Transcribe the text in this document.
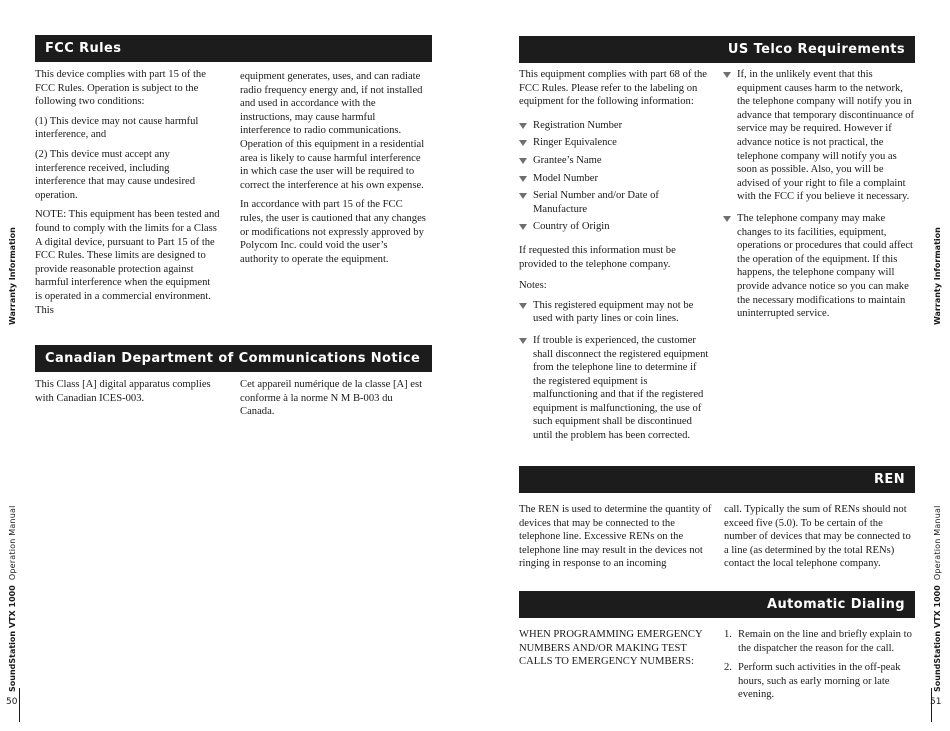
FCC Rules

This device complies with part 15 of the FCC Rules. Operation is subject to the following two conditions:

(1) This device may not cause harmful interference, and

(2) This device must accept any interference received, including interference that may cause undesired operation.

NOTE: This equipment has been tested and found to comply with the limits for a Class A digital device, pursuant to Part 15 of the FCC Rules. These limits are designed to provide reasonable protection against harmful interference when the equipment is operated in a commercial environment. This

equipment generates, uses, and can radiate radio frequency energy and, if not installed and used in accordance with the instructions, may cause harmful interference to radio communications. Operation of this equipment in a residential area is likely to cause harmful interference in which case the user will be required to correct the interference at his own expense.

In accordance with part 15 of the FCC rules, the user is cautioned that any changes or modifications not expressly approved by Polycom Inc. could void the user’s authority to operate the equipment.

Canadian Department of Communications Notice

This Class [A] digital apparatus complies with Canadian ICES-003.

Cet appareil numérique de la classe [A] est conforme à la norme N M B-003 du Canada.

Warranty Information
SoundStation VTX 1000  Operation Manual
50
US Telco Requirements

This equipment complies with part 68 of the FCC Rules. Please refer to the labeling on equipment for the following information:

Registration Number
Ringer Equivalence
Grantee’s Name
Model Number
Serial Number and/or Date of Manufacture
Country of Origin

If requested this information must be provided to the telephone company.

Notes:

This registered equipment may not be used with party lines or coin lines.
If trouble is experienced, the customer shall disconnect the registered equipment from the telephone line to determine if the registered equipment is malfunctioning and that if the registered equipment is malfunctioning, the use of such equipment shall be discontinued until the problem has been corrected.
If, in the unlikely event that this equipment causes harm to the network, the telephone company will notify you in advance that temporary discontinuance of service may be required. However if advance notice is not practical, the telephone company will notify you as soon as possible. Also, you will be advised of your right to file a complaint with the FCC if you believe it necessary.
The telephone company may make changes to its facilities, equipment, operations or procedures that could affect the operation of the equipment. If this happens, the telephone company will provide advance notice so you can make the necessary modifications to maintain uninterrupted service.
REN

The REN is used to determine the quantity of devices that may be connected to the telephone line. Excessive RENs on the telephone line may result in the devices not ringing in response to an incoming

call. Typically the sum of RENs should not exceed five (5.0). To be certain of the number of devices that may be connected to a line (as determined by the total RENs) contact the local telephone company.

Automatic Dialing

WHEN PROGRAMMING EMERGENCY NUMBERS AND/OR MAKING TEST CALLS TO EMERGENCY NUMBERS:

1. Remain on the line and briefly explain to the dispatcher the reason for the call.
2. Perform such activities in the off-peak hours, such as early morning or late evening.
Warranty Information
SoundStation VTX 1000  Operation Manual
51
